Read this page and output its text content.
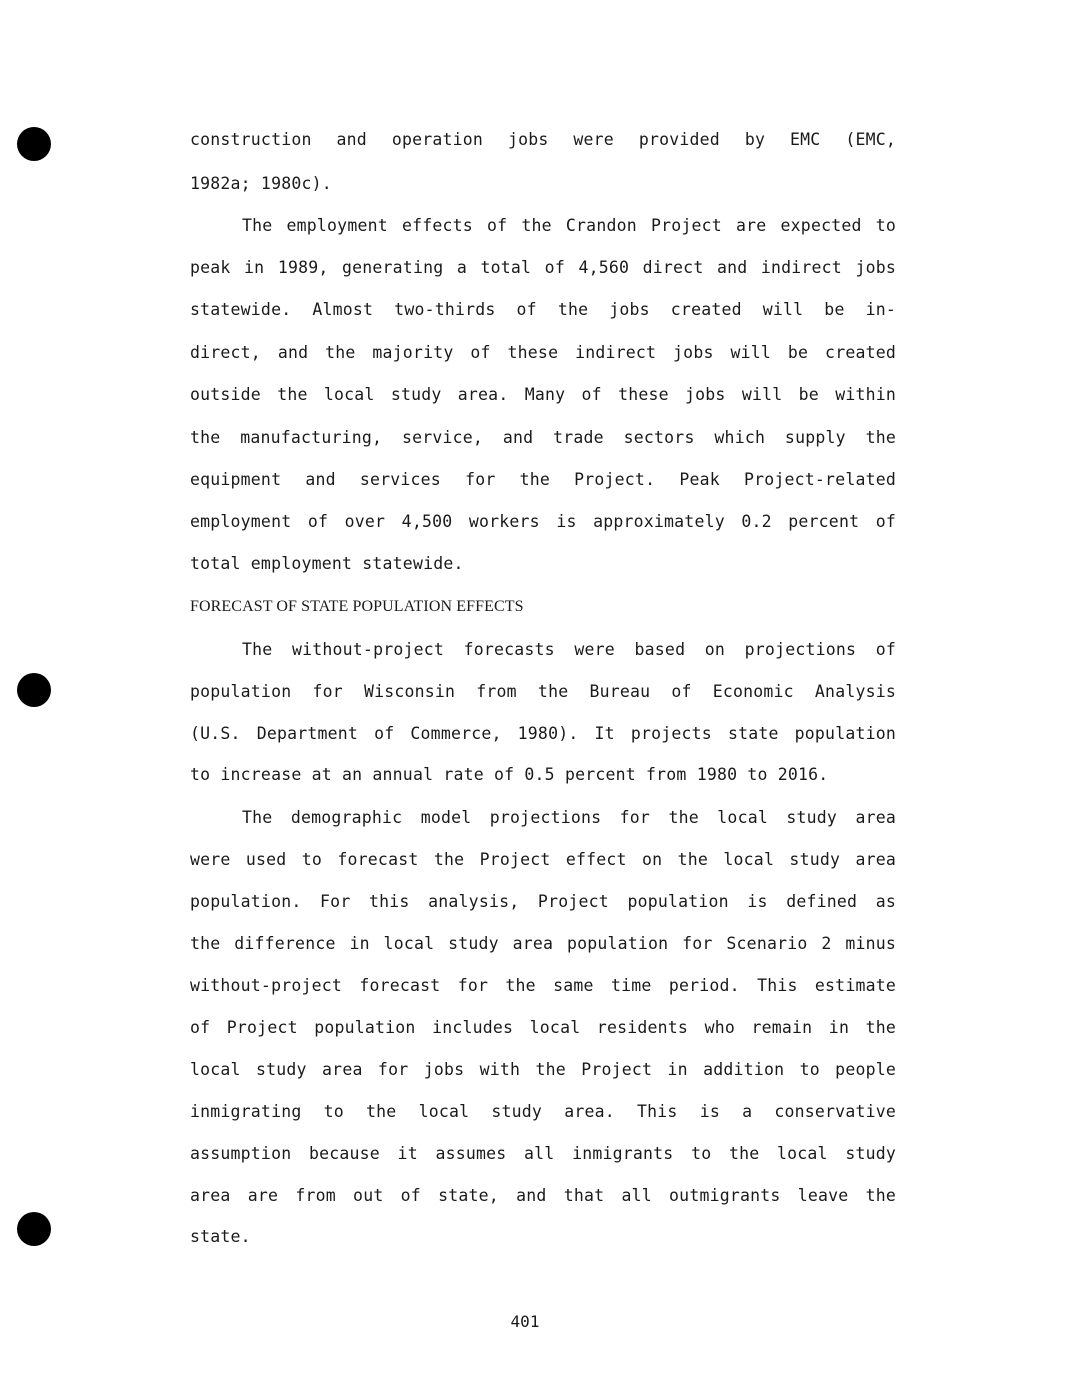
construction and operation jobs were provided by EMC (EMC,
1982a; 1980c).
The employment effects of the Crandon Project are expected to
peak in 1989, generating a total of 4,560 direct and indirect jobs
statewide. Almost two-thirds of the jobs created will be in-
direct, and the majority of these indirect jobs will be created
outside the local study area. Many of these jobs will be within
the manufacturing, service, and trade sectors which supply the
equipment and services for the Project. Peak Project-related
employment of over 4,500 workers is approximately 0.2 percent of
total employment statewide.
FORECAST OF STATE POPULATION EFFECTS
The without-project forecasts were based on projections of
population for Wisconsin from the Bureau of Economic Analysis
(U.S. Department of Commerce, 1980). It projects state population
to increase at an annual rate of 0.5 percent from 1980 to 2016.
The demographic model projections for the local study area
were used to forecast the Project effect on the local study area
population. For this analysis, Project population is defined as
the difference in local study area population for Scenario 2 minus
without-project forecast for the same time period. This estimate
of Project population includes local residents who remain in the
local study area for jobs with the Project in addition to people
inmigrating to the local study area. This is a conservative
assumption because it assumes all inmigrants to the local study
area are from out of state, and that all outmigrants leave the
state.
401
